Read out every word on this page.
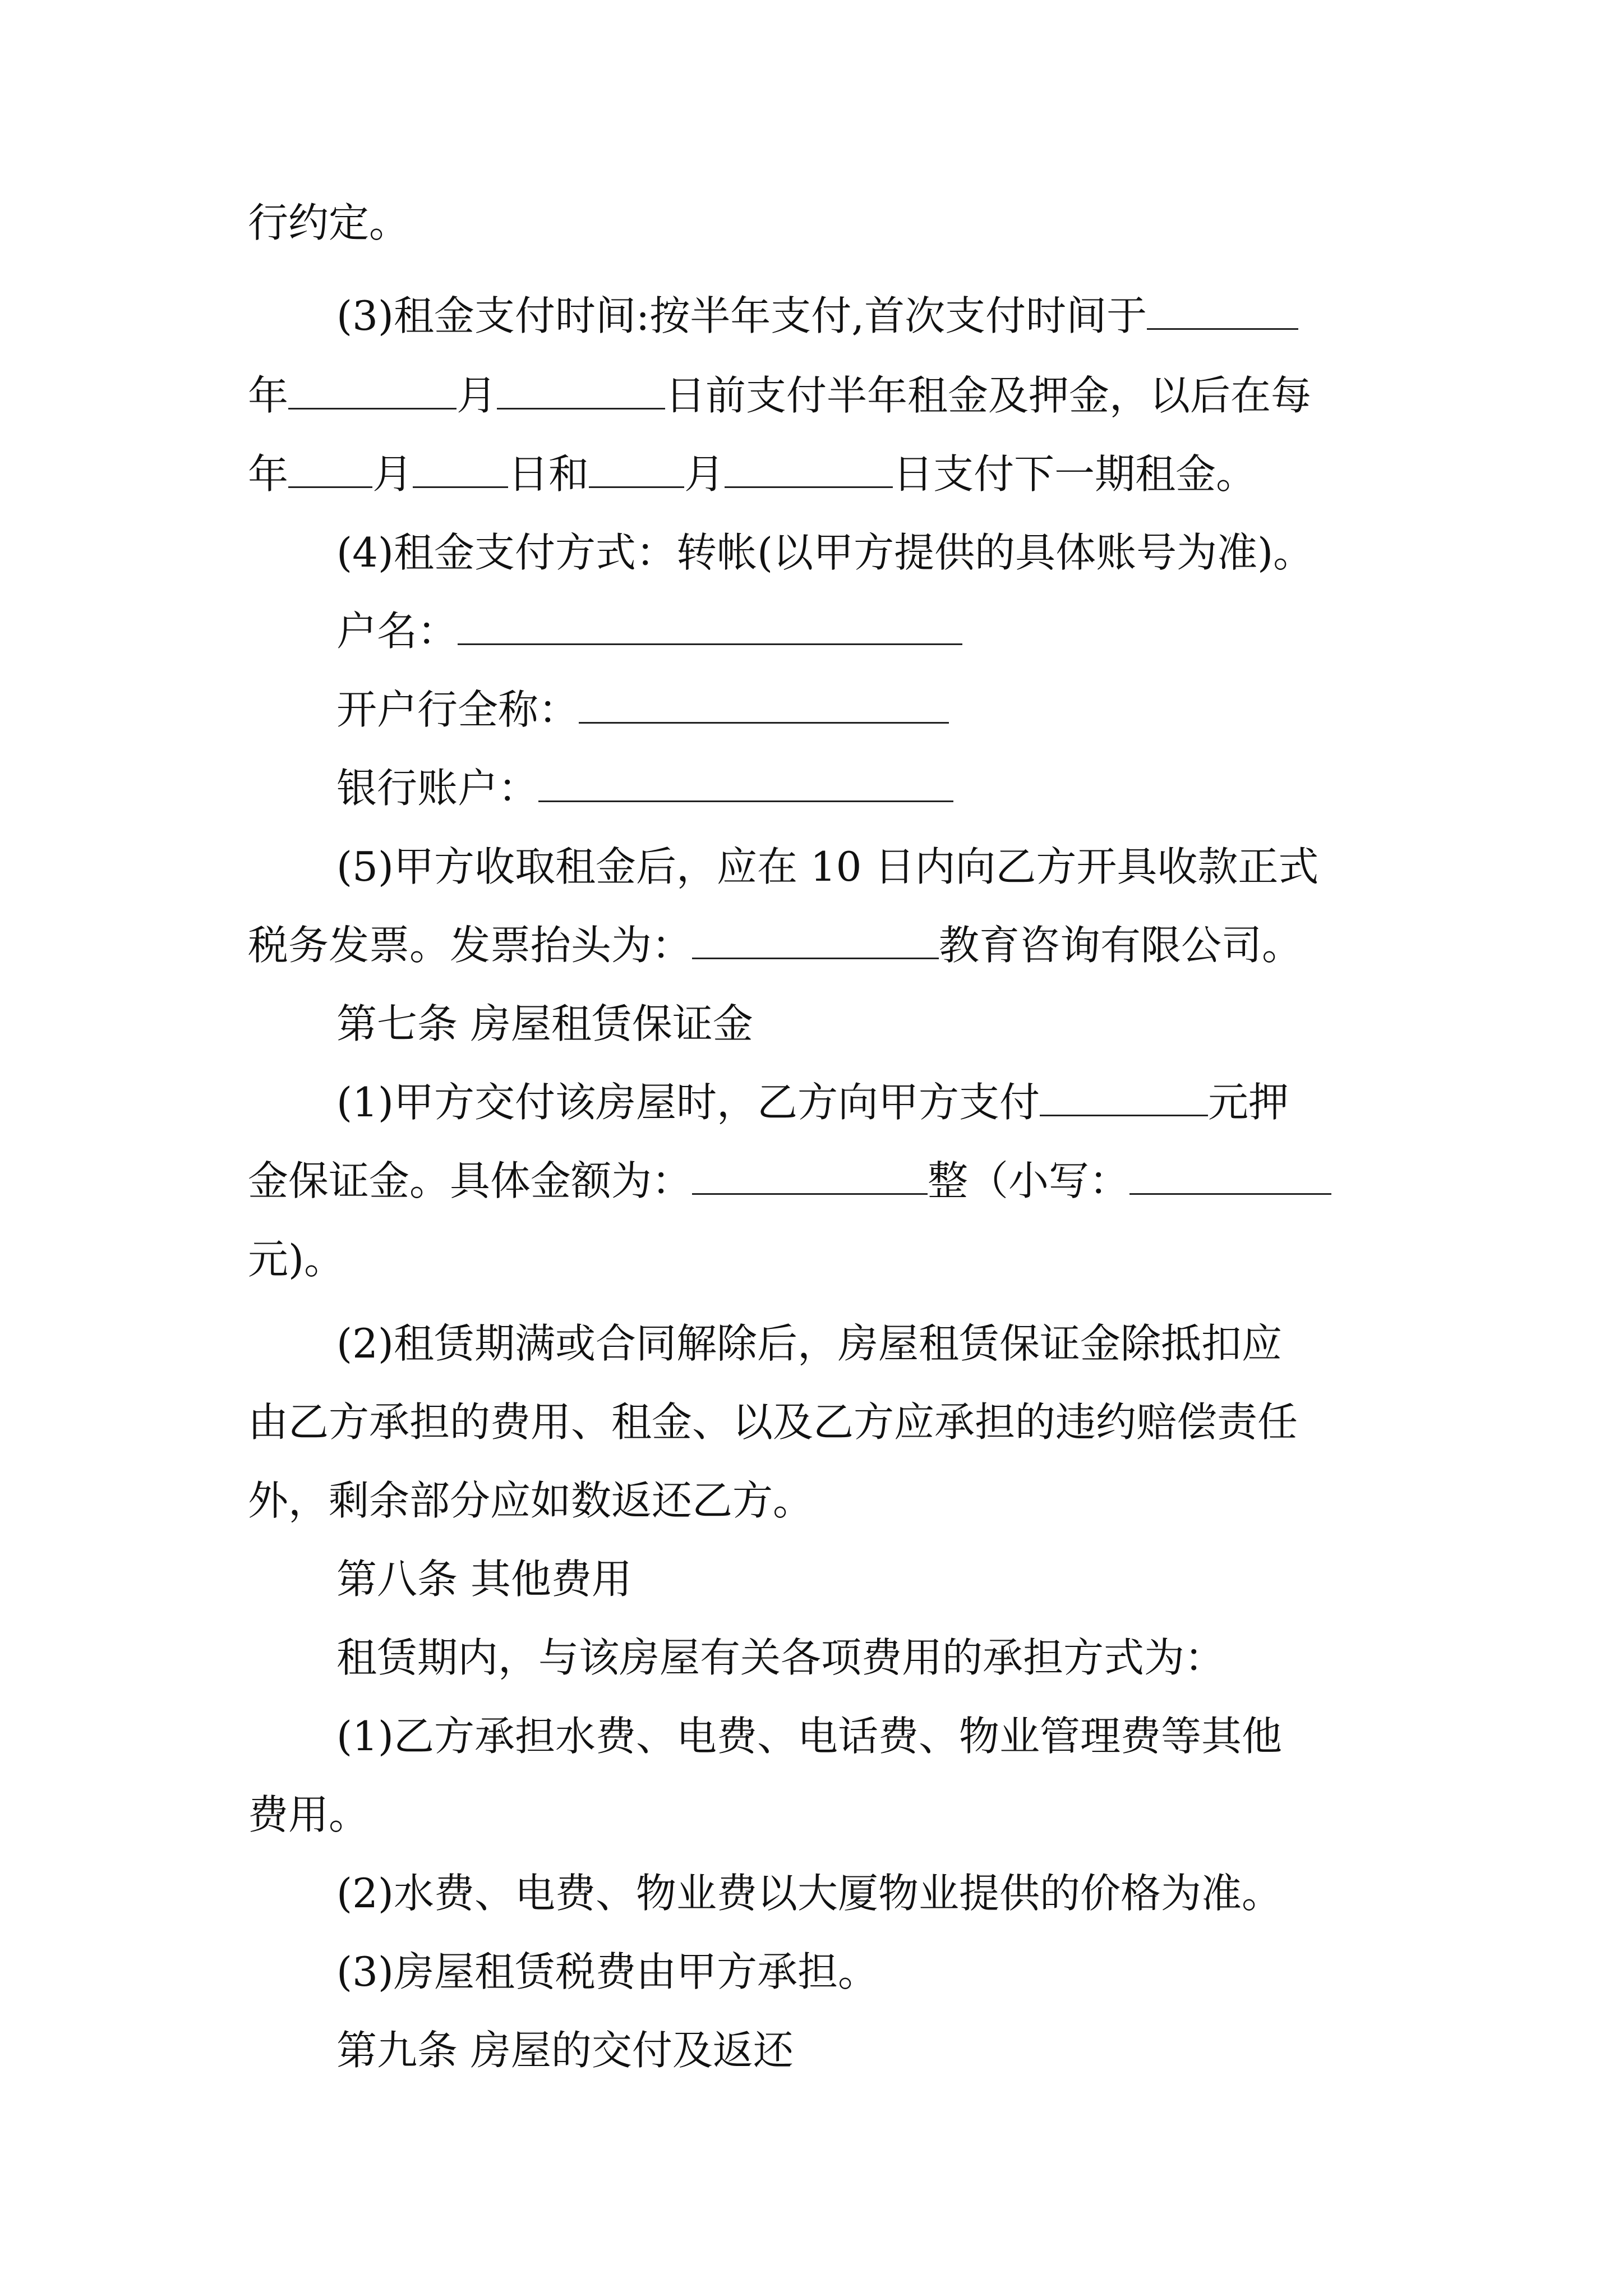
行约定。
(3)租金支付时间:按半年支付,首次支付时间于
年	月	日前支付半年租金及押金，以后在每
年 月 日和 月	日支付下一期租金。
(4)租金支付方式：转帐(以甲方提供的具体账号为准)。
户名：
开户行全称：
银行账户：
(5)甲方收取租金后，应在 10 日内向乙方开具收款正式
税务发票。发票抬头为：	教育咨询有限公司。
第七条 房屋租赁保证金
(1)甲方交付该房屋时，乙方向甲方支付	元押
金保证金。具体金额为：	整（小写：
元)。
(2)租赁期满或合同解除后，房屋租赁保证金除抵扣应
由乙方承担的费用、租金、以及乙方应承担的违约赔偿责任
外，剩余部分应如数返还乙方。
第八条 其他费用
租赁期内，与该房屋有关各项费用的承担方式为：
(1)乙方承担水费、电费、电话费、物业管理费等其他
费用。
(2)水费、电费、物业费以大厦物业提供的价格为准。
(3)房屋租赁税费由甲方承担。
第九条 房屋的交付及返还
